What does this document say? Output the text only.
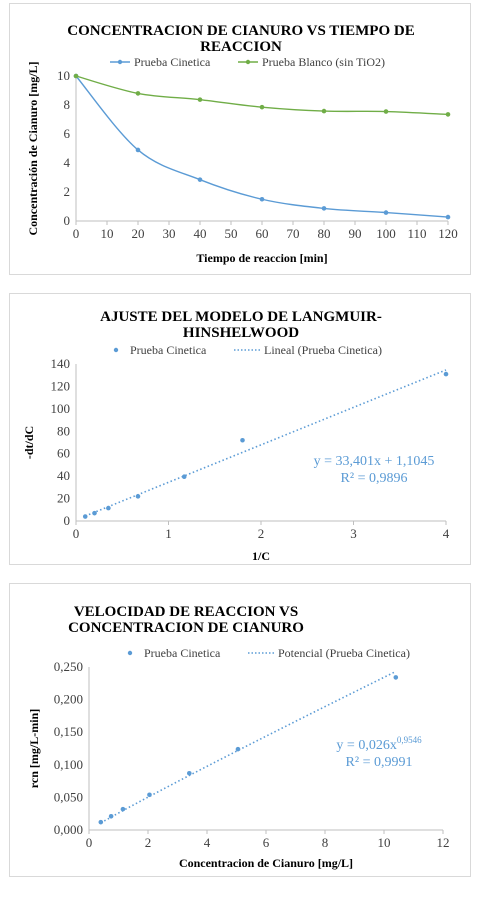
CONCENTRACION DE CIANURO VS TIEMPO DE
REACCION
0 10 20 30 40 50 60 70 80 90 100 110 120
0
2
4
6
8
10
Tiempo de reaccion [min]
Concentración de Cianuro [mg/L]	Prueba Cinetica	Prueba Blanco (sin TiO2)
AJUSTE DEL MODELO DE LANGMUIR-
HINSHELWOOD
0	1	2	3	4
0
20
40
60
80
100
120
140
1/C
-dt/dC
Prueba Cinetica	Lineal (Prueba Cinetica)
y = 33,401x + 1,1045
R² = 0,9896
VELOCIDAD DE REACCION VS
CONCENTRACION DE CIANURO
0	2	4	6	8	10	12
0,000
0,050
0,100
0,150
0,200
0,250
Concentracion de Cianuro [mg/L]
rcn [mg/L-min]
Prueba Cinetica	Potencial (Prueba Cinetica)
$y = 0,026x^{0,9546}$
R² = 0,9991
